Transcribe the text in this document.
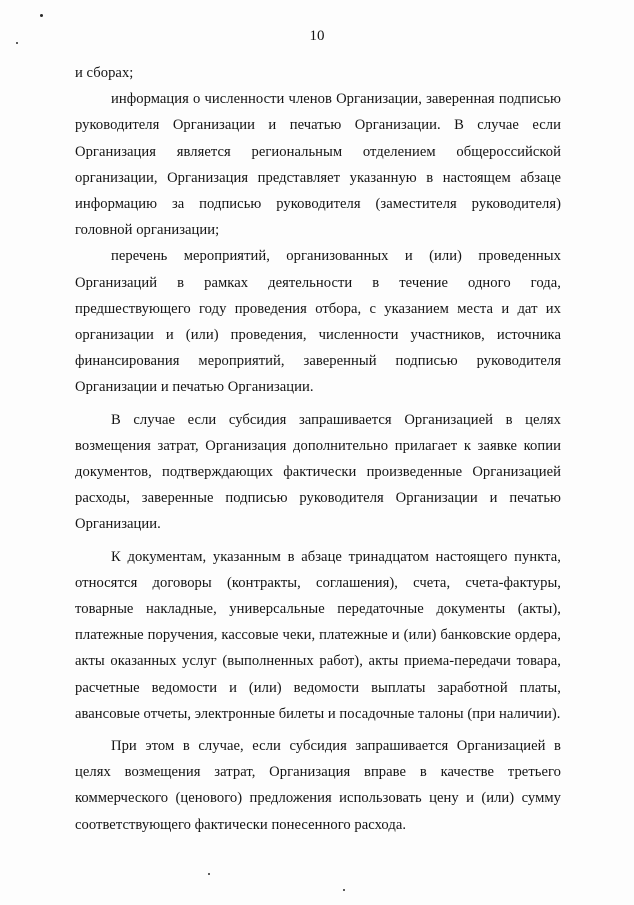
10

и сборах;

информация о численности членов Организации, заверенная подписью руководителя Организации и печатью Организации. В случае если Организация является региональным отделением общероссийской организации, Организация представляет указанную в настоящем абзаце информацию за подписью руководителя (заместителя руководителя) головной организации;

перечень мероприятий, организованных и (или) проведенных Организаций в рамках деятельности в течение одного года, предшествующего году проведения отбора, с указанием места и дат их организации и (или) проведения, численности участников, источника финансирования мероприятий, заверенный подписью руководителя Организации и печатью Организации.

В случае если субсидия запрашивается Организацией в целях возмещения затрат, Организация дополнительно прилагает к заявке копии документов, подтверждающих фактически произведенные Организацией расходы, заверенные подписью руководителя Организации и печатью Организации.

К документам, указанным в абзаце тринадцатом настоящего пункта, относятся договоры (контракты, соглашения), счета, счета-фактуры, товарные накладные, универсальные передаточные документы (акты), платежные поручения, кассовые чеки, платежные и (или) банковские ордера, акты оказанных услуг (выполненных работ), акты приема-передачи товара, расчетные ведомости и (или) ведомости выплаты заработной платы, авансовые отчеты, электронные билеты и посадочные талоны (при наличии).

При этом в случае, если субсидия запрашивается Организацией в целях возмещения затрат, Организация вправе в качестве третьего коммерческого (ценового) предложения использовать цену и (или) сумму соответствующего фактически понесенного расхода.
